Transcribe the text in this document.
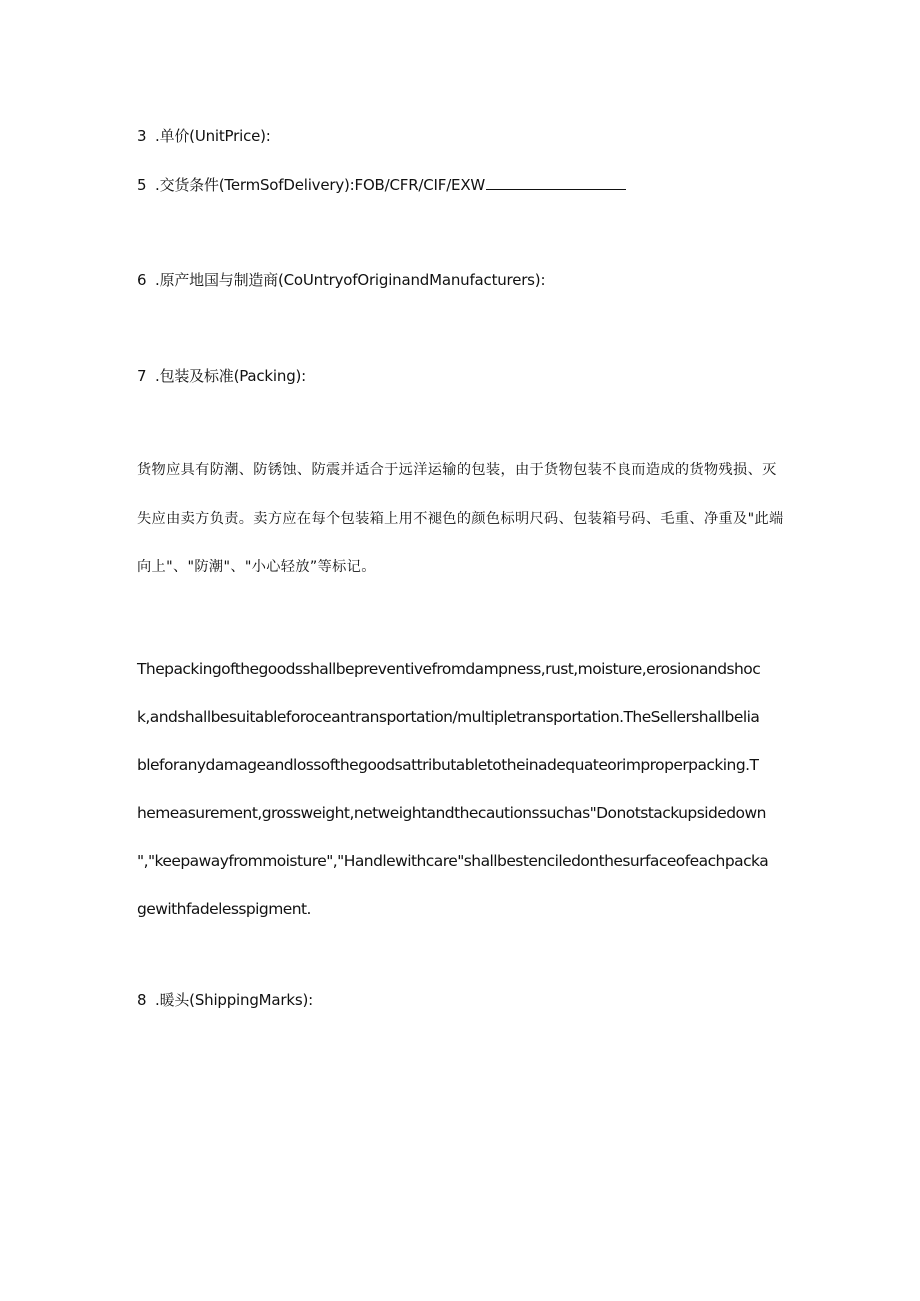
3 .单价(UnitPrice):
5 .交货条件(TermSofDelivery):FOB/CFR/CIF/EXW
6 .原产地国与制造商(CoUntryofOriginandManufacturers):
7 .包装及标准(Packing):
货物应具有防潮、防锈蚀、防震并适合于远洋运输的包装，由于货物包装不良而造成的货物残损、灭
失应由卖方负责。卖方应在每个包装箱上用不褪色的颜色标明尺码、包装箱号码、毛重、净重及"此端
向上"、"防潮"、"小心轻放”等标记。
Thepackingofthegoodsshallbepreventivefromdampness,rust,moisture,erosionandshoc
k,andshallbesuitableforoceantransportation/multipletransportation.TheSellershallbelia
bleforanydamageandlossofthegoodsattributabletotheinadequateorimproperpacking.T
hemeasurement,grossweight,netweightandthecautionssuchas"Donotstackupsidedown
","keepawayfrommoisture","Handlewithcare"shallbestenciledonthesurfaceofeachpacka
gewithfadelesspigment.
8 .暖头(ShippingMarks):
